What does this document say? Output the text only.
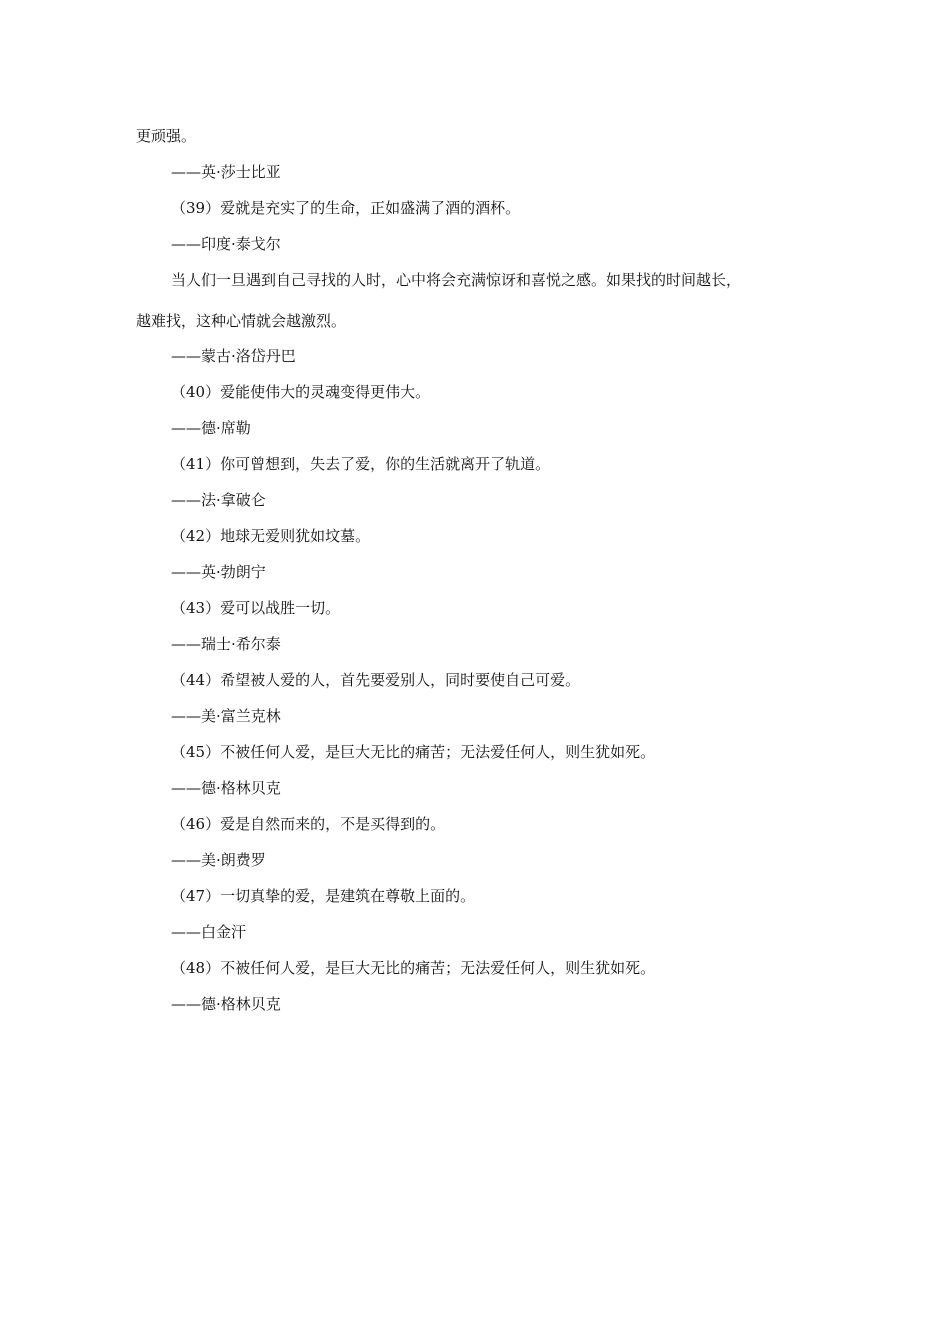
更顽强。
——英·莎士比亚
（39）爱就是充实了的生命，正如盛满了酒的酒杯。
——印度·泰戈尔
当人们一旦遇到自己寻找的人时，心中将会充满惊讶和喜悦之感。如果找的时间越长，
越难找，这种心情就会越激烈。
——蒙古·洛岱丹巴
（40）爱能使伟大的灵魂变得更伟大。
——德·席勒
（41）你可曾想到，失去了爱，你的生活就离开了轨道。
——法·拿破仑
（42）地球无爱则犹如坟墓。
——英·勃朗宁
（43）爱可以战胜一切。
——瑞士·希尔泰
（44）希望被人爱的人，首先要爱别人，同时要使自己可爱。
——美·富兰克林
（45）不被任何人爱，是巨大无比的痛苦；无法爱任何人，则生犹如死。
——德·格林贝克
（46）爱是自然而来的，不是买得到的。
——美·朗费罗
（47）一切真挚的爱，是建筑在尊敬上面的。
——白金汗
（48）不被任何人爱，是巨大无比的痛苦；无法爱任何人，则生犹如死。
——德·格林贝克
